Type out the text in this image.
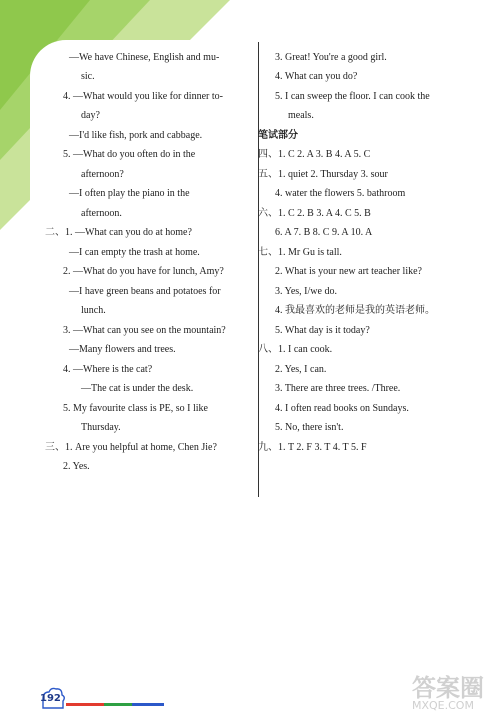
—We have Chinese, English and mu-
sic.
4. —What would you like for dinner to-
day?
—I'd like fish, pork and cabbage.
5. —What do you often do in the
afternoon?
—I often play the piano in the
afternoon.
二、1. —What can you do at home?
—I can empty the trash at home.
2. —What do you have for lunch, Amy?
—I have green beans and potatoes for
lunch.
3. —What can you see on the mountain?
—Many flowers and trees.
4. —Where is the cat?
—The cat is under the desk.
5. My favourite class is PE, so I like
Thursday.
三、1. Are you helpful at home, Chen Jie?
2. Yes.
3. Great! You're a good girl.
4. What can you do?
5. I can sweep the floor. I can cook the
meals.
笔试部分
四、1. C 2. A 3. B 4. A 5. C
五、1. quiet 2. Thursday 3. sour
4. water the flowers 5. bathroom
六、1. C 2. B 3. A 4. C 5. B
6. A 7. B 8. C 9. A 10. A
七、1. Mr Gu is tall.
2. What is your new art teacher like?
3. Yes, I/we do.
4. 我最喜欢的老师是我的英语老师。
5. What day is it today?
八、1. I can cook.
2. Yes, I can.
3. There are three trees. /Three.
4. I often read books on Sundays.
5. No, there isn't.
九、1. T 2. F 3. T 4. T 5. F
192	答案圈
MXQE.COM
